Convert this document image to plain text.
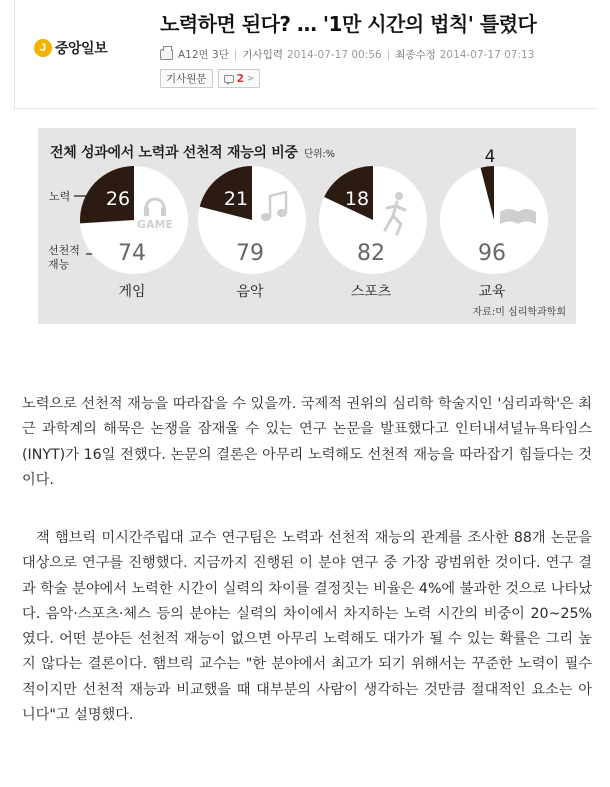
J 중앙일보
노력하면 된다? … '1만 시간의 법칙' 틀렸다
A12면 3단 | 기사입력 2014-07-17 00:56 | 최종수정 2014-07-17 07:13
기사원문	2 >
전체 성과에서 노력과 선천적 재능의 비중 단위:%
노력
선천적
재능
26
74
게임
GAME
21
79
음악
18
82
스포츠
4
96
교육
자료:미 심리학과학회

노력으로 선천적 재능을 따라잡을 수 있을까. 국제적 권위의 심리학 학술지인 '심리과학'은 최근 과학계의 해묵은 논쟁을 잠재울 수 있는 연구 논문을 발표했다고 인터내셔널뉴욕타임스(INYT)가 16일 전했다. 논문의 결론은 아무리 노력해도 선천적 재능을 따라잡기 힘들다는 것이다.

잭 햄브릭 미시간주립대 교수 연구팀은 노력과 선천적 재능의 관계를 조사한 88개 논문을 대상으로 연구를 진행했다. 지금까지 진행된 이 분야 연구 중 가장 광범위한 것이다. 연구 결과 학술 분야에서 노력한 시간이 실력의 차이를 결정짓는 비율은 4%에 불과한 것으로 나타났다. 음악·스포츠·체스 등의 분야는 실력의 차이에서 차지하는 노력 시간의 비중이 20~25%였다. 어떤 분야든 선천적 재능이 없으면 아무리 노력해도 대가가 될 수 있는 확률은 그리 높지 않다는 결론이다. 햄브릭 교수는 "한 분야에서 최고가 되기 위해서는 꾸준한 노력이 필수적이지만 선천적 재능과 비교했을 때 대부분의 사람이 생각하는 것만큼 절대적인 요소는 아니다"고 설명했다.
